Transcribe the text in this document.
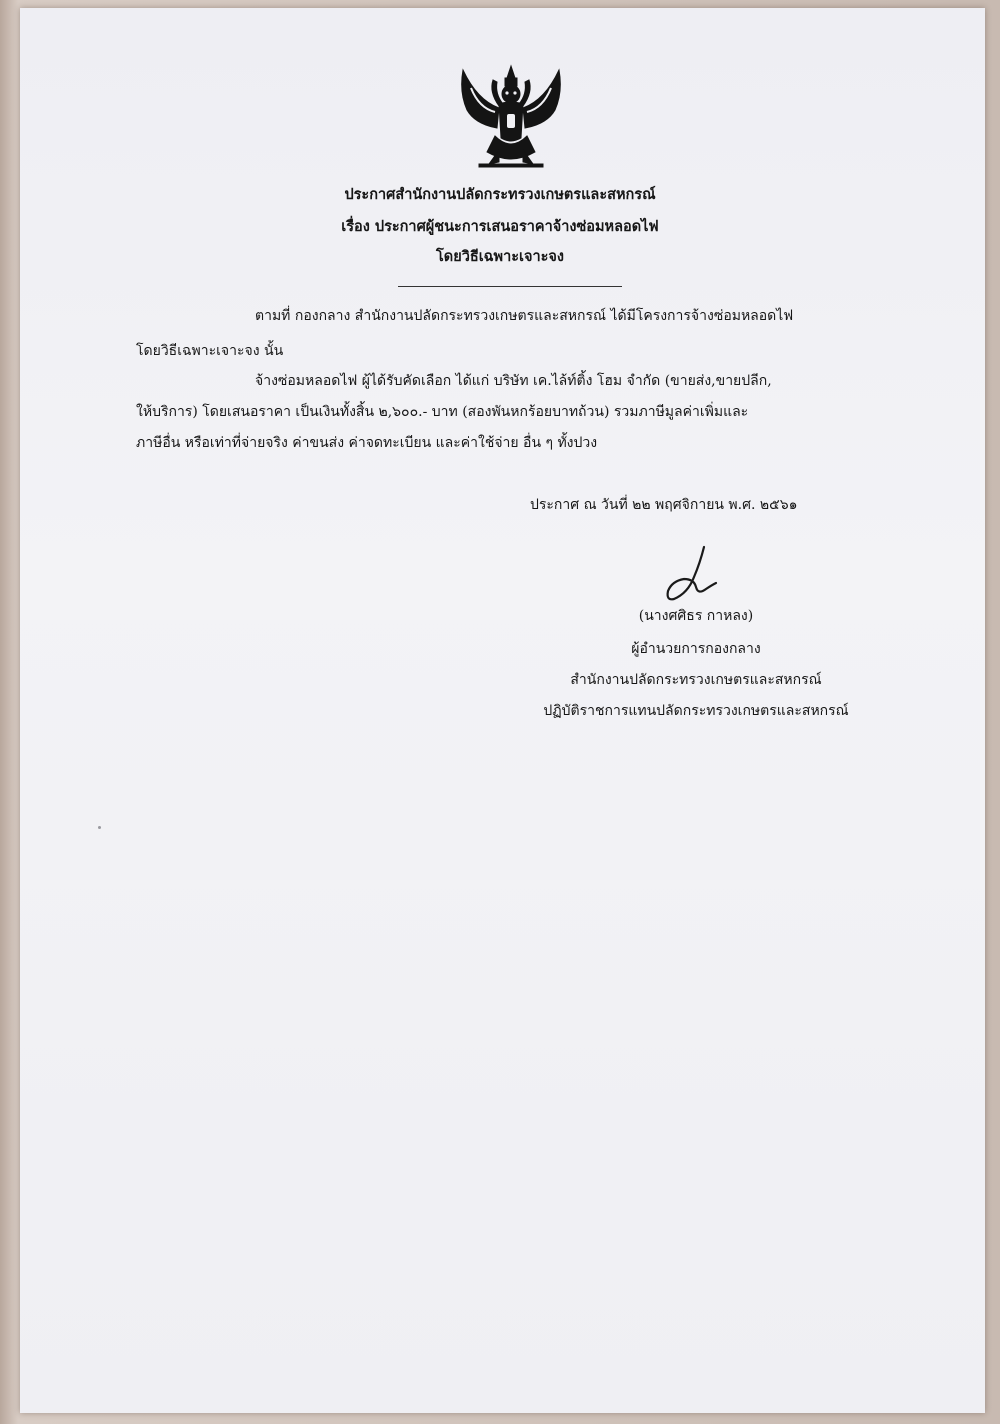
ประกาศสำนักงานปลัดกระทรวงเกษตรและสหกรณ์
เรื่อง ประกาศผู้ชนะการเสนอราคาจ้างซ่อมหลอดไฟ
โดยวิธีเฉพาะเจาะจง
ตามที่ กองกลาง สำนักงานปลัดกระทรวงเกษตรและสหกรณ์ ได้มีโครงการจ้างซ่อมหลอดไฟ
โดยวิธีเฉพาะเจาะจง นั้น
จ้างซ่อมหลอดไฟ ผู้ได้รับคัดเลือก ได้แก่ บริษัท เค.ไล้ท์ติ้ง โฮม จำกัด (ขายส่ง,ขายปลีก,
ให้บริการ) โดยเสนอราคา เป็นเงินทั้งสิ้น ๒,๖๐๐.- บาท (สองพันหกร้อยบาทถ้วน) รวมภาษีมูลค่าเพิ่มและ
ภาษีอื่น หรือเท่าที่จ่ายจริง ค่าขนส่ง ค่าจดทะเบียน และค่าใช้จ่าย อื่น ๆ ทั้งปวง
ประกาศ ณ วันที่ ๒๒ พฤศจิกายน พ.ศ. ๒๕๖๑
(นางศศิธร กาหลง)
ผู้อำนวยการกองกลาง
สำนักงานปลัดกระทรวงเกษตรและสหกรณ์
ปฏิบัติราชการแทนปลัดกระทรวงเกษตรและสหกรณ์
